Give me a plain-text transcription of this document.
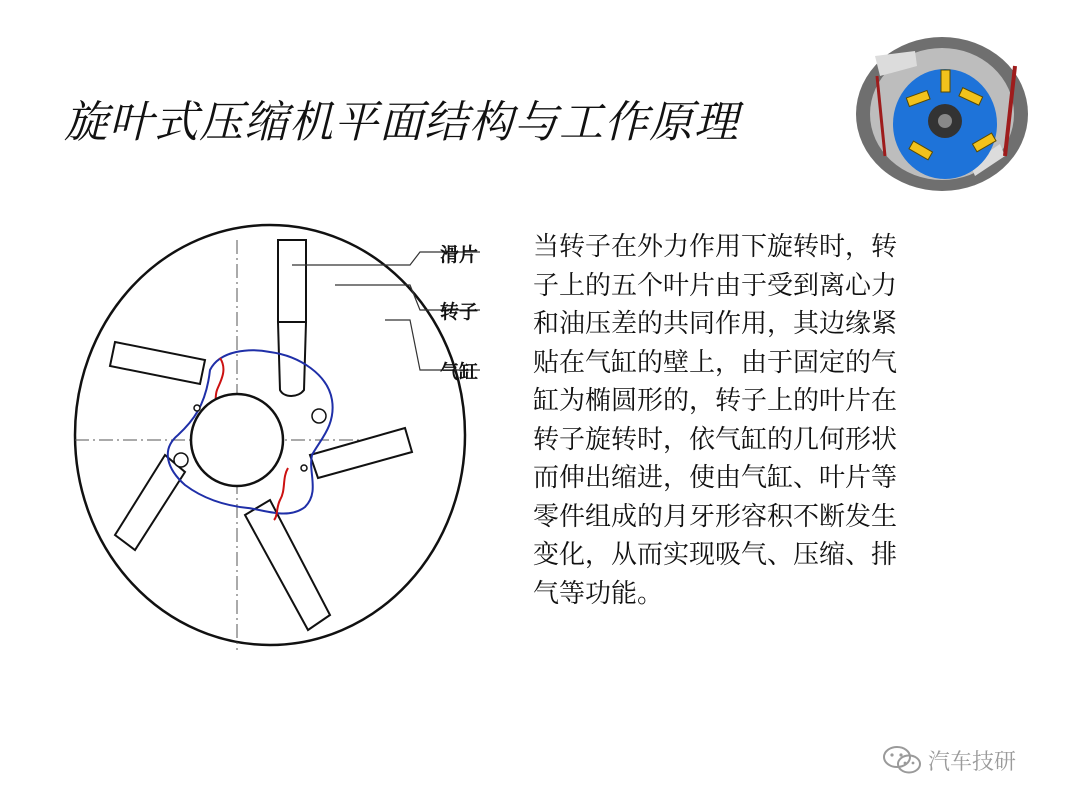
旋叶式压缩机平面结构与工作原理
滑片
转子
气缸
当转子在外力作用下旋转时，转
子上的五个叶片由于受到离心力
和油压差的共同作用，其边缘紧
贴在气缸的壁上，由于固定的气
缸为椭圆形的，转子上的叶片在
转子旋转时，依气缸的几何形状
而伸出缩进，使由气缸、叶片等
零件组成的月牙形容积不断发生
变化，从而实现吸气、压缩、排
气等功能。
汽车技研
